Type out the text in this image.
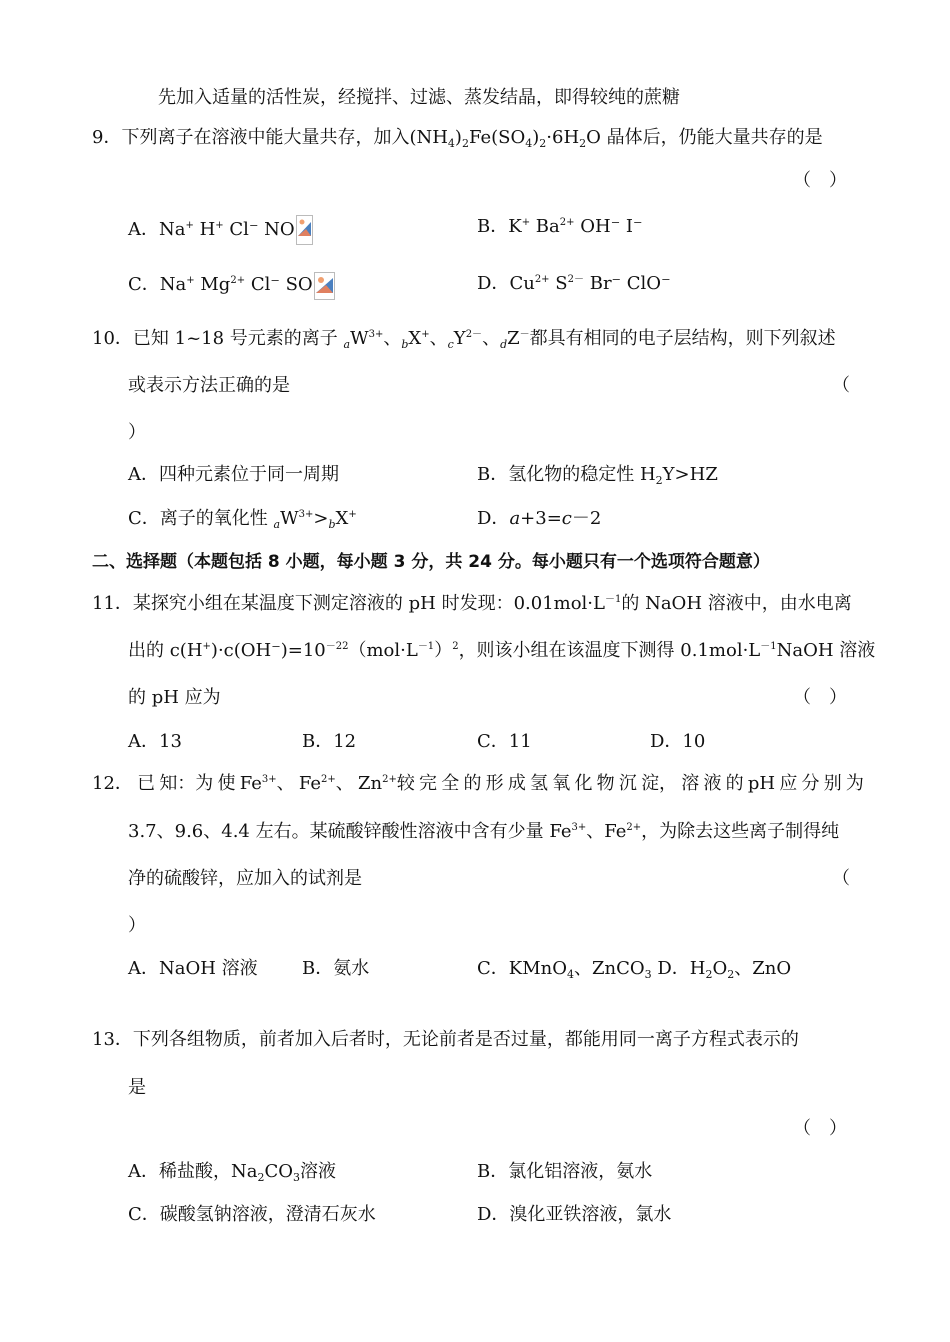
先加入适量的活性炭，经搅拌、过滤、蒸发结晶，即得较纯的蔗糖
9．下列离子在溶液中能大量共存，加入$(NH_4)_2Fe(SO_4)_2\cdot 6H_2O$ 晶体后，仍能大量共存的是
（　）
A．Na+ H+ Cl⁻ NO	B．K+ $Ba^{2+}$ OH⁻ I⁻
C．Na+ $Mg^{2+}$ Cl⁻ SO	D．$Cu^{2+}$ $S^{2-}$ Br⁻ ClO⁻
10．已知 1~18 号元素的离子 $_aW^{3+}$、$_b$X+、$_cY^{2-}$、$_d$Z－都具有相同的电子层结构，则下列叙述
或表示方法正确的是	（
）
A．四种元素位于同一周期	B．氢化物的稳定性 $H_2Y>HZ$
C．离子的氧化性 $_aW^{3+}>_bX^+$	D．a+3=c－2
二、选择题（本题包括 8 小题，每小题 3 分，共 24 分。每小题只有一个选项符合题意）
11．某探究小组在某温度下测定溶液的 pH 时发现：$0.01mol\cdot L^{-1}$的 NaOH 溶液中，由水电离
出的 $c(H^+)\cdot c(OH^-)=10^{-22}(mol\cdot L^{-1})^2$，则该小组在该温度下测得 $0.1mol\cdot L^{-1}NaOH$ 溶液
的 pH 应为	（　）
A．13	B．12	C．11	D．10
12． 已 知：为 使 $Fe^{3+}$、 $Fe^{2+}$、 $Zn^{2+}$较 完 全 的 形 成 氢 氧 化 物 沉 淀， 溶 液 的 pH 应 分 别 为
3.7、9.6、4.4 左右。某硫酸锌酸性溶液中含有少量 $Fe^{3+}$、$Fe^{2+}$，为除去这些离子制得纯
净的硫酸锌，应加入的试剂是	（
）
A．NaOH 溶液 B．氨水	C．KMnO$_4$、ZnCO$_3$ D．$H_2O_2$、ZnO
13．下列各组物质，前者加入后者时，无论前者是否过量，都能用同一离子方程式表示的
是
（　）
A．稀盐酸，$Na_2CO_3$溶液	B．氯化铝溶液，氨水
C．碳酸氢钠溶液，澄清石灰水	D．溴化亚铁溶液，氯水
